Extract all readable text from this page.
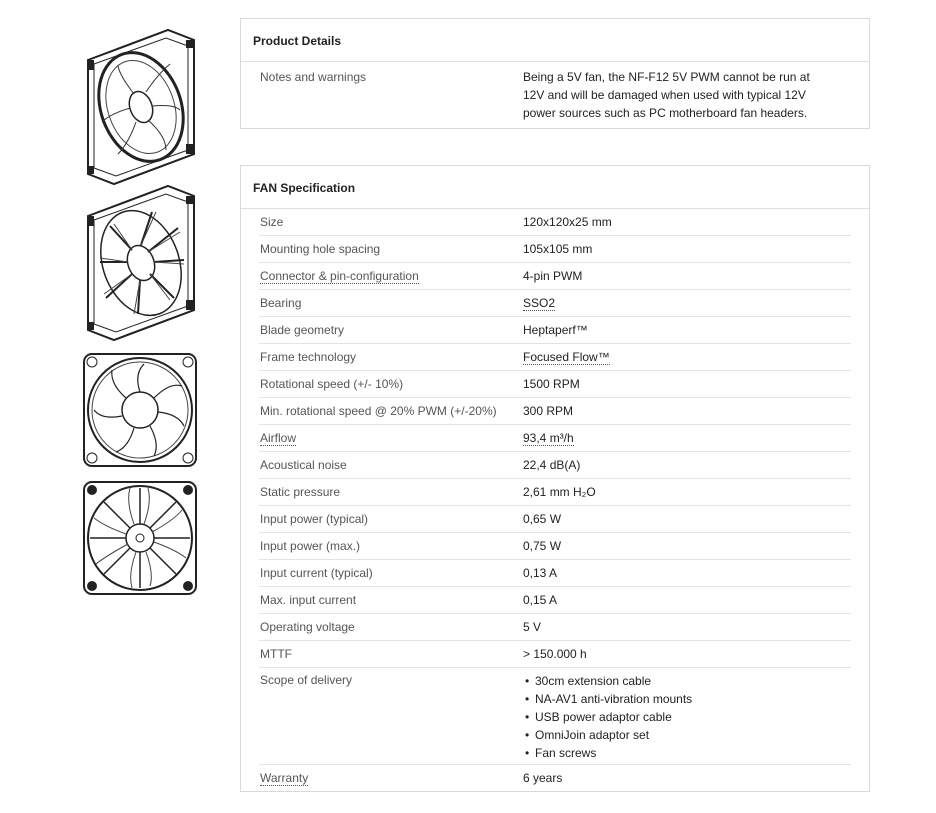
Product Details
Notes and warnings	Being a 5V fan, the NF-F12 5V PWM cannot be run at 12V and will be damaged when used with typical 12V power sources such as PC motherboard fan headers.
FAN Specification
Size	120x120x25 mm
Mounting hole spacing	105x105 mm
Connector & pin-configuration	4-pin PWM
Bearing	SSO2
Blade geometry	Heptaperf™
Frame technology	Focused Flow™
Rotational speed (+/- 10%)	1500 RPM
Min. rotational speed @ 20% PWM (+/-20%)	300 RPM
Airflow	93,4 m³/h
Acoustical noise	22,4 dB(A)
Static pressure	2,61 mm H₂O
Input power (typical)	0,65 W
Input power (max.)	0,75 W
Input current (typical)	0,13 A
Max. input current	0,15 A
Operating voltage	5 V
MTTF	> 150.000 h
Scope of delivery
•	30cm extension cable
• NA-AV1 anti-vibration mounts
• USB power adaptor cable
• OmniJoin adaptor set
• Fan screws
Warranty	6 years
